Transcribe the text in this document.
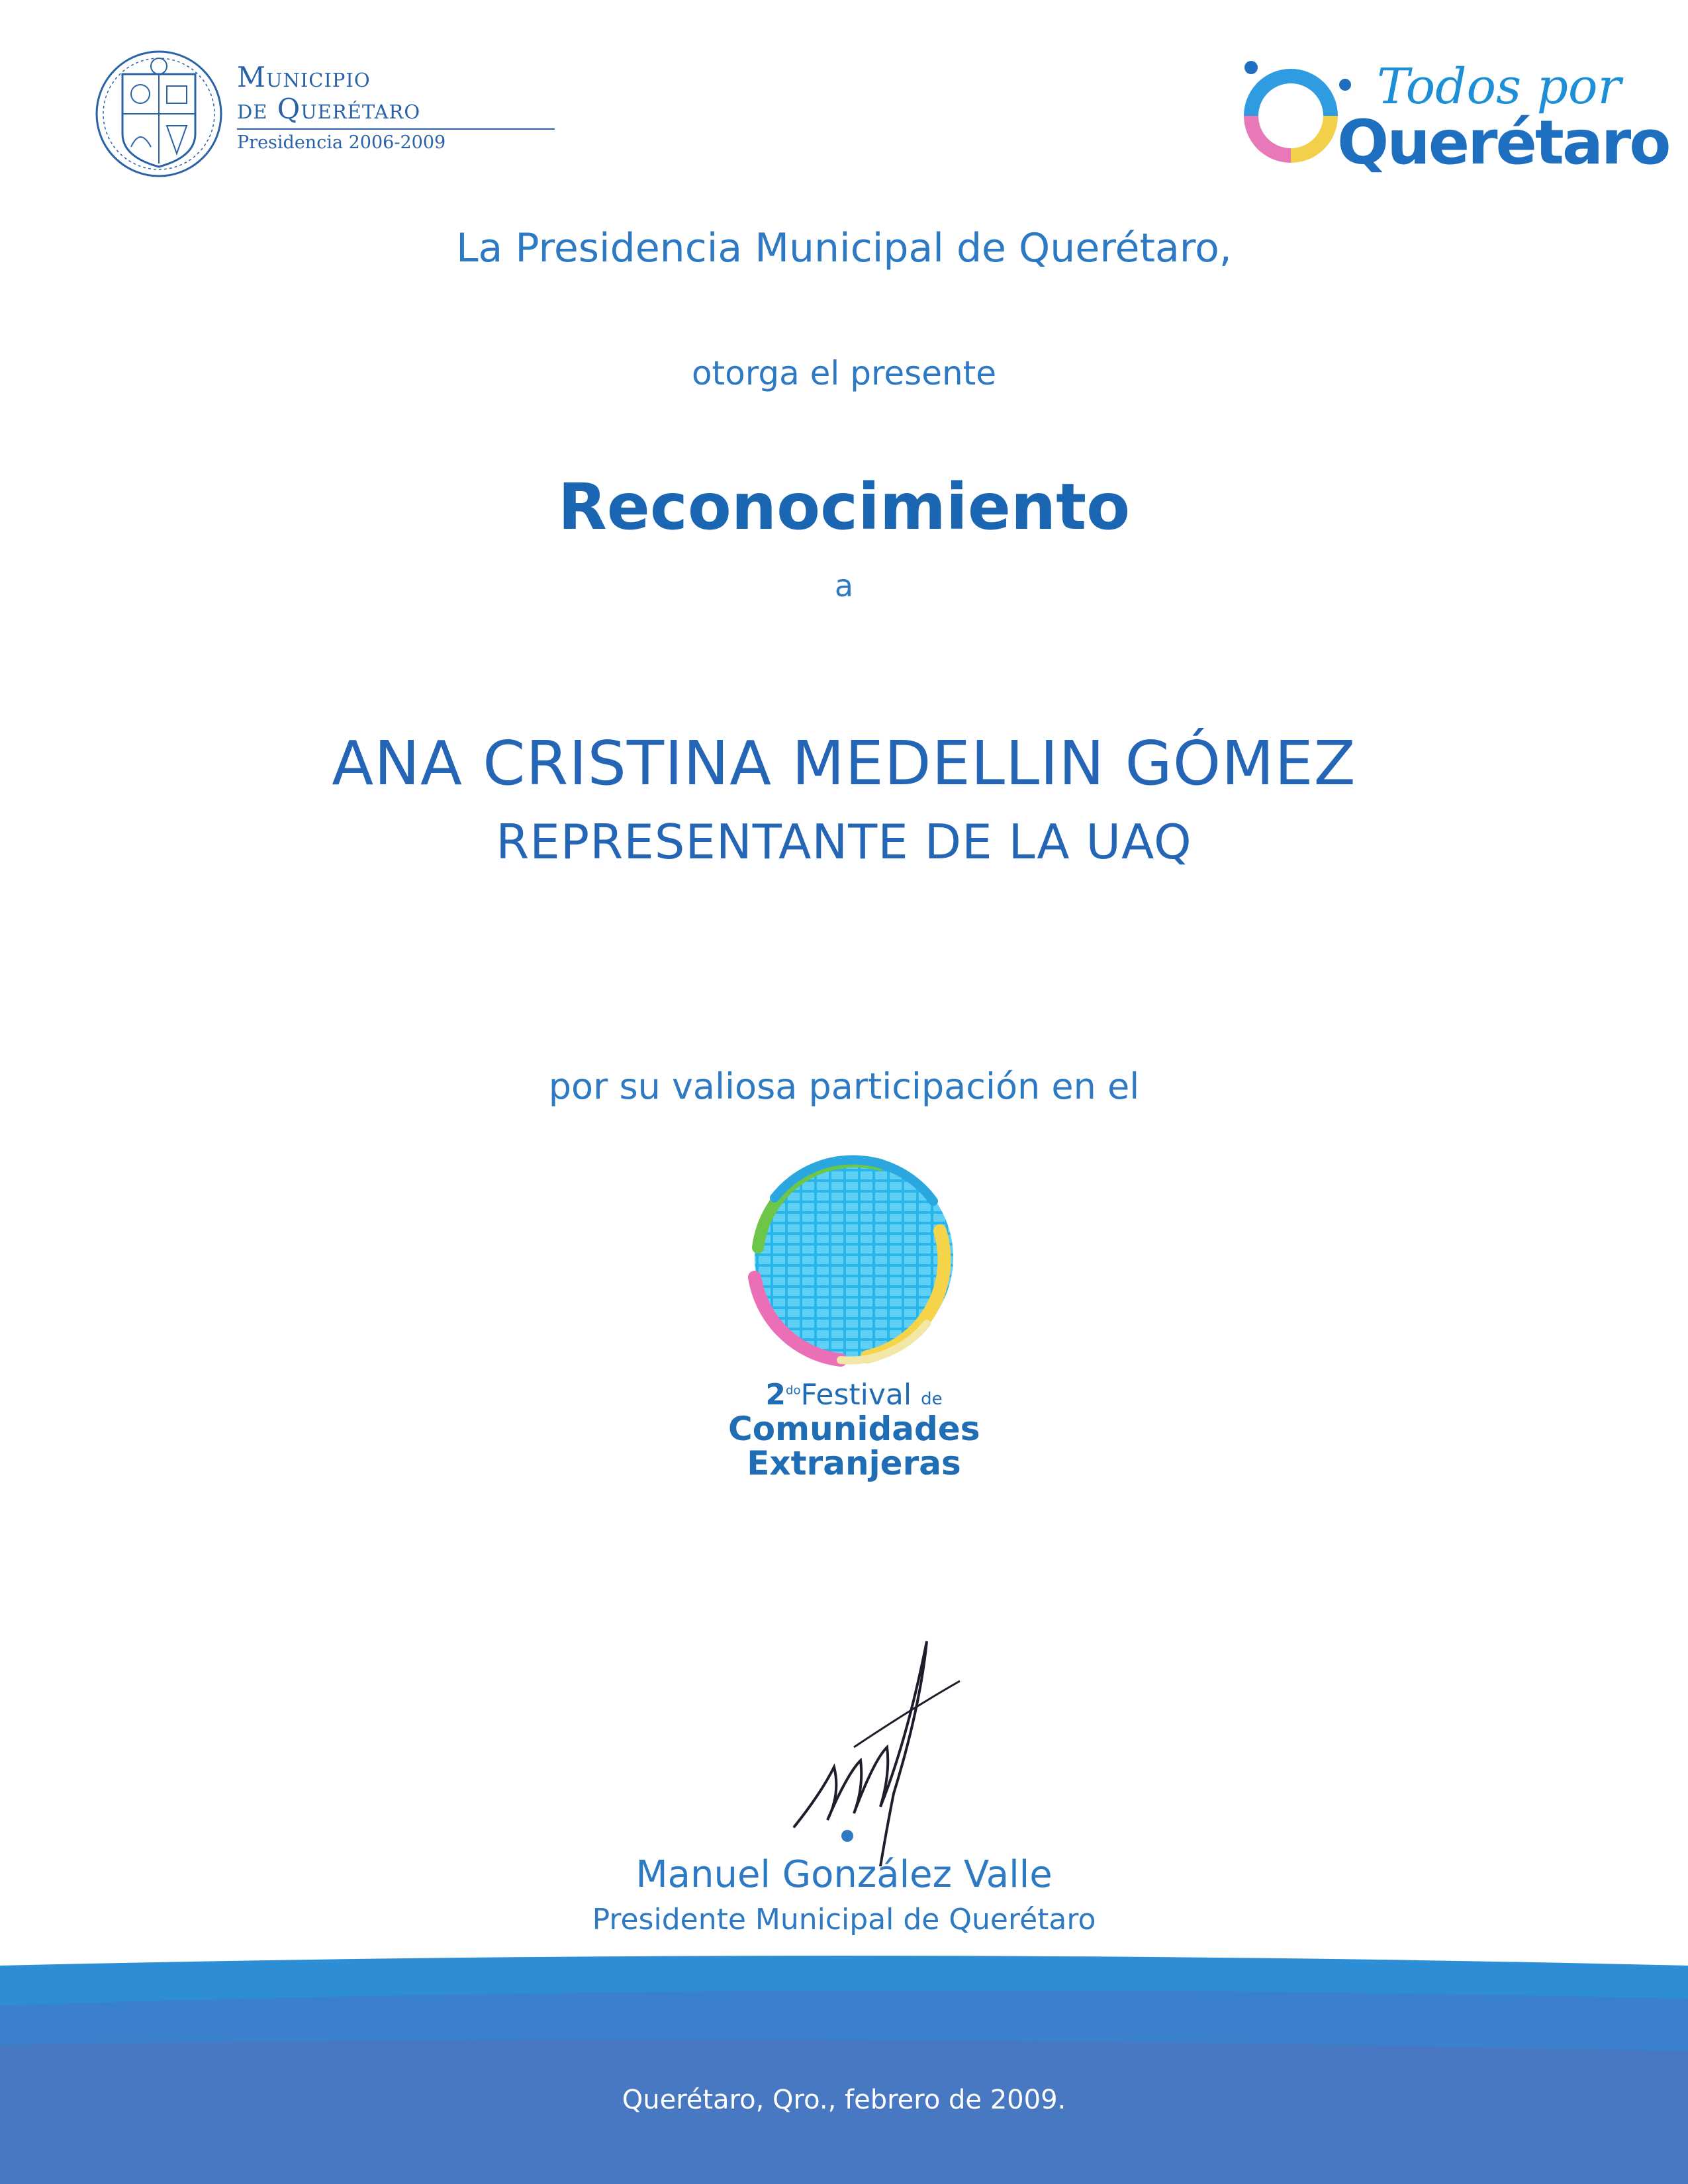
Municipio
de Querétaro
Presidencia 2006-2009
Todos por
Querétaro
La Presidencia Municipal de Querétaro,
otorga el presente
Reconocimiento
a
ANA CRISTINA MEDELLIN GÓMEZ
REPRESENTANTE DE LA UAQ
por su valiosa participación en el
$2^{do}Festival$ de
Comunidades
Extranjeras
Manuel González Valle
Presidente Municipal de Querétaro
Querétaro, Qro., febrero de 2009.
